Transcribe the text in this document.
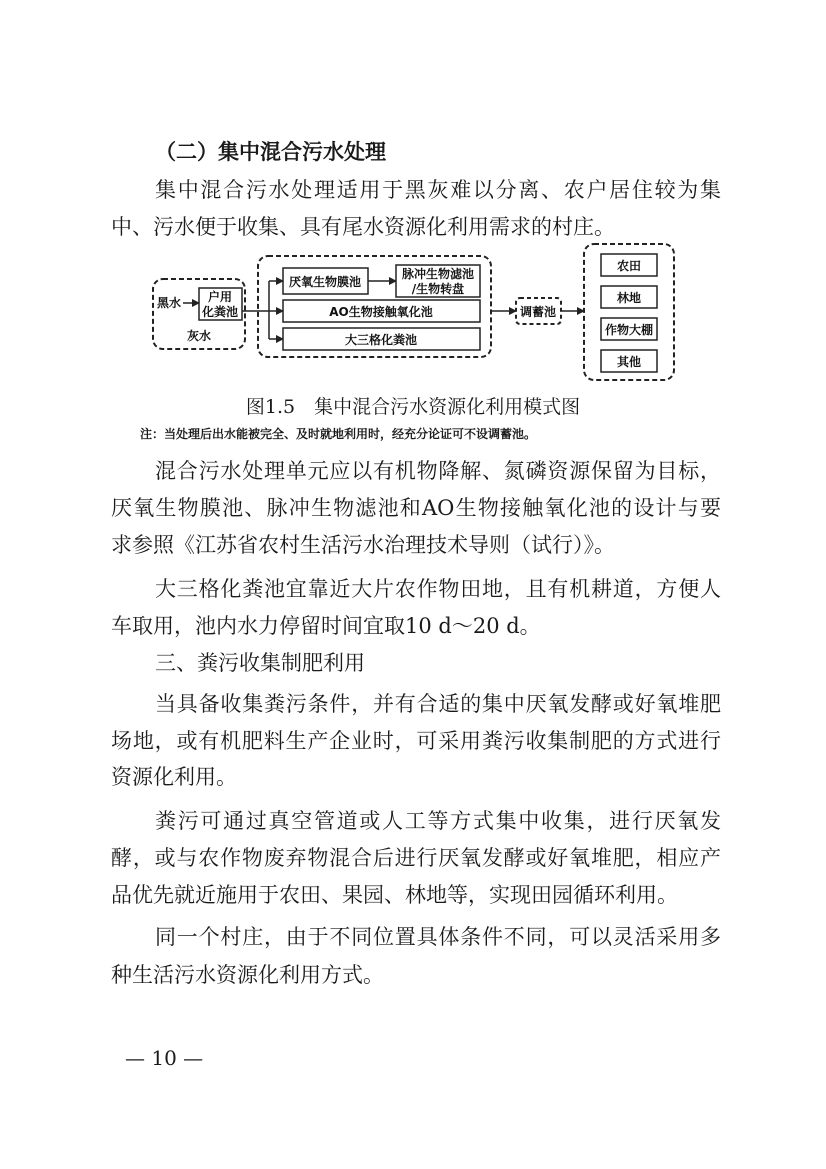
（二）集中混合污水处理
集中混合污水处理适用于黑灰难以分离、农户居住较为集
中、污水便于收集、具有尾水资源化利用需求的村庄。
黑水 户用
化粪池
灰水
厌氧生物膜池
脉冲生物滤池
/生物转盘
AO生物接触氧化池
大三格化粪池
调蓄池
农田
林地
作物大棚
其他
图1.5　集中混合污水资源化利用模式图
注：当处理后出水能被完全、及时就地利用时，经充分论证可不设调蓄池。
混合污水处理单元应以有机物降解、氮磷资源保留为目标，
厌氧生物膜池、脉冲生物滤池和AO生物接触氧化池的设计与要
求参照《江苏省农村生活污水治理技术导则（试行）》。
大三格化粪池宜靠近大片农作物田地，且有机耕道，方便人
车取用，池内水力停留时间宜取10 d～20 d。
三、粪污收集制肥利用
当具备收集粪污条件，并有合适的集中厌氧发酵或好氧堆肥
场地，或有机肥料生产企业时，可采用粪污收集制肥的方式进行
资源化利用。
粪污可通过真空管道或人工等方式集中收集，进行厌氧发
酵，或与农作物废弃物混合后进行厌氧发酵或好氧堆肥，相应产
品优先就近施用于农田、果园、林地等，实现田园循环利用。
同一个村庄，由于不同位置具体条件不同，可以灵活采用多
种生活污水资源化利用方式。
— 10 —
